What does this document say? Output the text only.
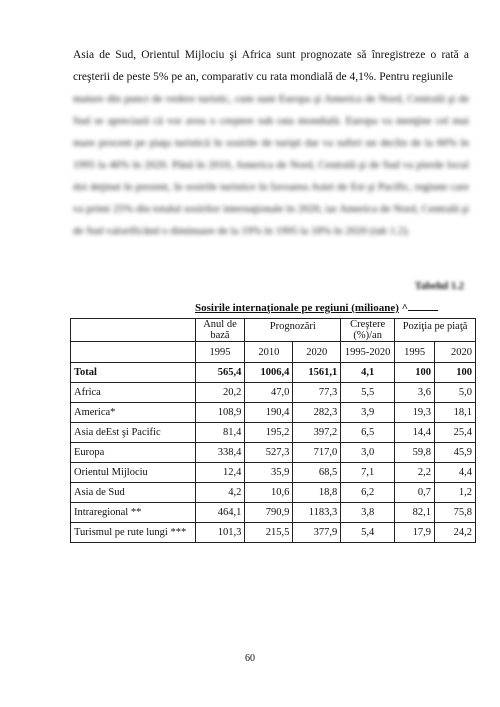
Asia de Sud, Orientul Mijlociu şi Africa sunt prognozate să înregistreze o rată a creşterii de peste 5% pe an, comparativ cu rata mondială de 4,1%. Pentru regiunile

mature din punct de vedere turistic, cum sunt Europa şi America de Nord, Centrală şi de Sud se apreciază că vor avea o creştere sub rata mondială. Europa va menţine cel mai mare procent pe piaţa turistică în sosirile de turişti dar va suferi un declin de la 60% în 1995 la 46% în 2020. Până în 2010, America de Nord, Centrală şi de Sud va pierde locul doi deţinut în prezent, în sosirile turistice în favoarea Asiei de Est şi Pacific, regiune care va primi 25% din totalul sosirilor internaţionale în 2020, iar America de Nord, Centrală şi de Sud valorificând o diminuare de la 19% în 1995 la 18% în 2020 (tab 1.2).

Tabelul 1.2

Sosirile internaţionale pe regiuni (milioane) ^

	Anul de bază	Prognozări		Creştere (%)/an	Poziţia pe piaţă	

	1995	2010	2020	1995-2020	1995	2020
Total	565,4	1006,4	1561,1	4,1	100	100
Africa	20,2	47,0	77,3	5,5	3,6	5,0
America*	108,9	190,4	282,3	3,9	19,3	18,1
Asia deEst şi Pacific	81,4	195,2	397,2	6,5	14,4	25,4
Europa	338,4	527,3	717,0	3,0	59,8	45,9
Orientul Mijlociu	12,4	35,9	68,5	7,1	2,2	4,4
Asia de Sud	4,2	10,6	18,8	6,2	0,7	1,2
Intraregional **	464,1	790,9	1183,3	3,8	82,1	75,8
Turismul pe rute lungi ***	101,3	215,5	377,9	5,4	17,9	24,2

60
